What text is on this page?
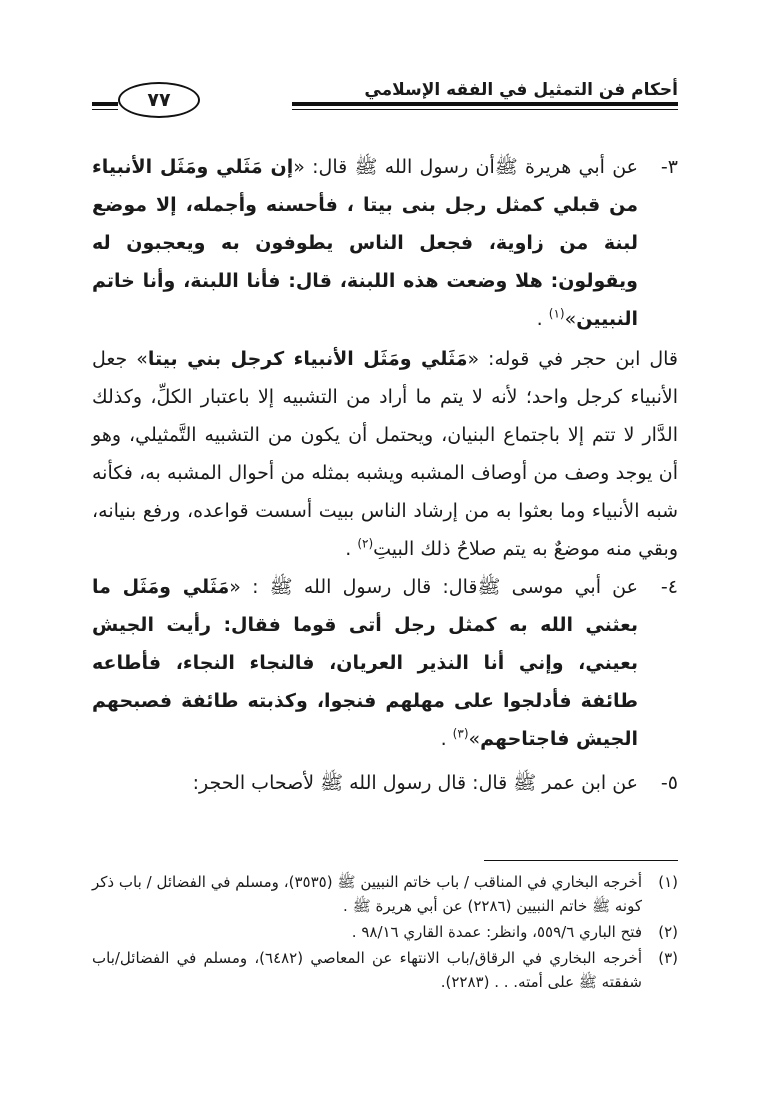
أحكام فن التمثيل في الفقه الإسلامي
٧٧
٣-
عن أبي هريرة ﷺأن رسول الله ﷺ قال: «إن مَثَلي ومَثَل الأنبياء من قبلي كمثل رجل بنى بيتا ، فأحسنه وأجمله، إلا موضع لبنة من زاوية، فجعل الناس يطوفون به ويعجبون له ويقولون: هلا وضعت هذه اللبنة، قال: فأنا اللبنة، وأنا خاتم النبيين»$^{(١)}$ .
قال ابن حجر في قوله: «مَثَلي ومَثَل الأنبياء كرجل بني بيتا» جعل الأنبياء كرجل واحد؛ لأنه لا يتم ما أراد من التشبيه إلا باعتبار الكلِّ، وكذلك الدَّار لا تتم إلا باجتماع البنيان، ويحتمل أن يكون من التشبيه التَّمثيلي، وهو أن يوجد وصف من أوصاف المشبه ويشبه بمثله من أحوال المشبه به، فكأنه شبه الأنبياء وما بعثوا به من إرشاد الناس ببيت أسست قواعده، ورفع بنيانه، وبقي منه موضعٌ به يتم صلاحُ ذلك البيتِ$^{(٢)}$ .
٤-
عن أبي موسى ﷺقال: قال رسول الله ﷺ : «مَثَلي ومَثَل ما بعثني الله به كمثل رجل أتى قوما فقال: رأيت الجيش بعيني، وإني أنا النذير العريان، فالنجاء النجاء، فأطاعه طائفة فأدلجوا على مهلهم فنجوا، وكذبته طائفة فصبحهم الجيش فاجتاحهم»$^{(٣)}$ .
٥-
عن ابن عمر ﷺ قال: قال رسول الله ﷺ لأصحاب الحجر:
(١)
أخرجه البخاري في المناقب / باب خاتم النبيين ﷺ (٣٥٣٥)، ومسلم في الفضائل / باب ذكر كونه ﷺ خاتم النبيين (٢٢٨٦) عن أبي هريرة ﷺ .
(٢)
فتح الباري ٥٥٩/٦، وانظر: عمدة القاري ٩٨/١٦ .
(٣)
أخرجه البخاري في الرقاق/باب الانتهاء عن المعاصي (٦٤٨٢)، ومسلم في الفضائل/باب شفقته ﷺ على أمته. . . (٢٢٨٣).
